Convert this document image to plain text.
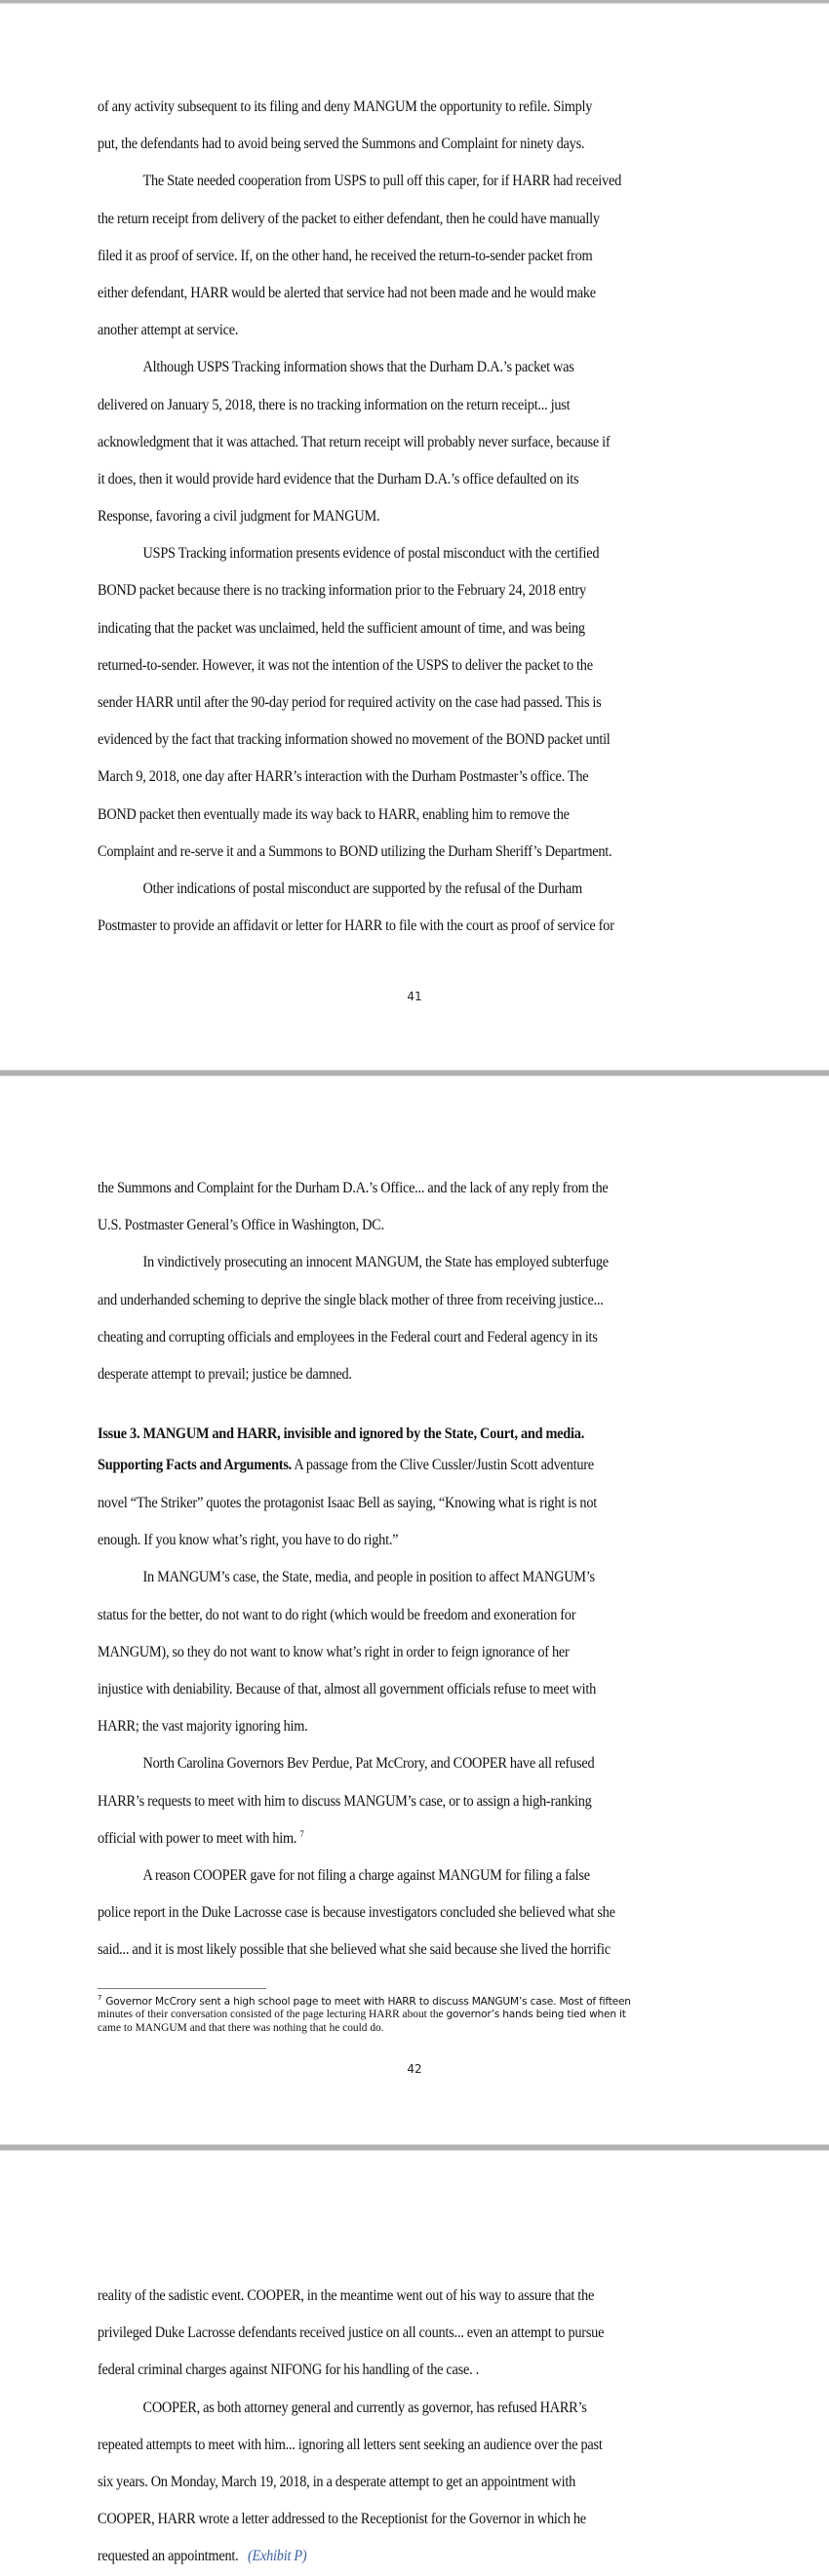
of any activity subsequent to its filing and deny MANGUM the opportunity to refile. Simply

put, the defendants had to avoid being served the Summons and Complaint for ninety days.

The State needed cooperation from USPS to pull off this caper, for if HARR had received

the return receipt from delivery of the packet to either defendant, then he could have manually

filed it as proof of service. If, on the other hand, he received the return-to-sender packet from

either defendant, HARR would be alerted that service had not been made and he would make

another attempt at service.

Although USPS Tracking information shows that the Durham D.A.’s packet was

delivered on January 5, 2018, there is no tracking information on the return receipt... just

acknowledgment that it was attached. That return receipt will probably never surface, because if

it does, then it would provide hard evidence that the Durham D.A.’s office defaulted on its

Response, favoring a civil judgment for MANGUM.

USPS Tracking information presents evidence of postal misconduct with the certified

BOND packet because there is no tracking information prior to the February 24, 2018 entry

indicating that the packet was unclaimed, held the sufficient amount of time, and was being

returned-to-sender. However, it was not the intention of the USPS to deliver the packet to the

sender HARR until after the 90-day period for required activity on the case had passed. This is

evidenced by the fact that tracking information showed no movement of the BOND packet until

March 9, 2018, one day after HARR’s interaction with the Durham Postmaster’s office. The

BOND packet then eventually made its way back to HARR, enabling him to remove the

Complaint and re-serve it and a Summons to BOND utilizing the Durham Sheriff’s Department.

Other indications of postal misconduct are supported by the refusal of the Durham

Postmaster to provide an affidavit or letter for HARR to file with the court as proof of service for

41

the Summons and Complaint for the Durham D.A.’s Office... and the lack of any reply from the

U.S. Postmaster General’s Office in Washington, DC.

In vindictively prosecuting an innocent MANGUM, the State has employed subterfuge

and underhanded scheming to deprive the single black mother of three from receiving justice...

cheating and corrupting officials and employees in the Federal court and Federal agency in its

desperate attempt to prevail; justice be damned.

Issue 3. MANGUM and HARR, invisible and ignored by the State, Court, and media.

Supporting Facts and Arguments. A passage from the Clive Cussler/Justin Scott adventure

novel “The Striker” quotes the protagonist Isaac Bell as saying, “Knowing what is right is not

enough. If you know what’s right, you have to do right.”

In MANGUM’s case, the State, media, and people in position to affect MANGUM’s

status for the better, do not want to do right (which would be freedom and exoneration for

MANGUM), so they do not want to know what’s right in order to feign ignorance of her

injustice with deniability. Because of that, almost all government officials refuse to meet with

HARR; the vast majority ignoring him.

North Carolina Governors Bev Perdue, Pat McCrory, and COOPER have all refused

HARR’s requests to meet with him to discuss MANGUM’s case, or to assign a high-ranking

official with power to meet with him. $^7$

A reason COOPER gave for not filing a charge against MANGUM for filing a false

police report in the Duke Lacrosse case is because investigators concluded she believed what she

said... and it is most likely possible that she believed what she said because she lived the horrific

$^7$ Governor McCrory sent a high school page to meet with HARR to discuss MANGUM’s case. Most of fifteen
minutes of their conversation consisted of the page lecturing HARR about the governor’s hands being tied when it
came to MANGUM and that there was nothing that he could do.
42

reality of the sadistic event. COOPER, in the meantime went out of his way to assure that the

privileged Duke Lacrosse defendants received justice on all counts... even an attempt to pursue

federal criminal charges against NIFONG for his handling of the case. .

COOPER, as both attorney general and currently as governor, has refused HARR’s

repeated attempts to meet with him... ignoring all letters sent seeking an audience over the past

six years. On Monday, March 19, 2018, in a desperate attempt to get an appointment with

COOPER, HARR wrote a letter addressed to the Receptionist for the Governor in which he

requested an appointment. (Exhibit P)
